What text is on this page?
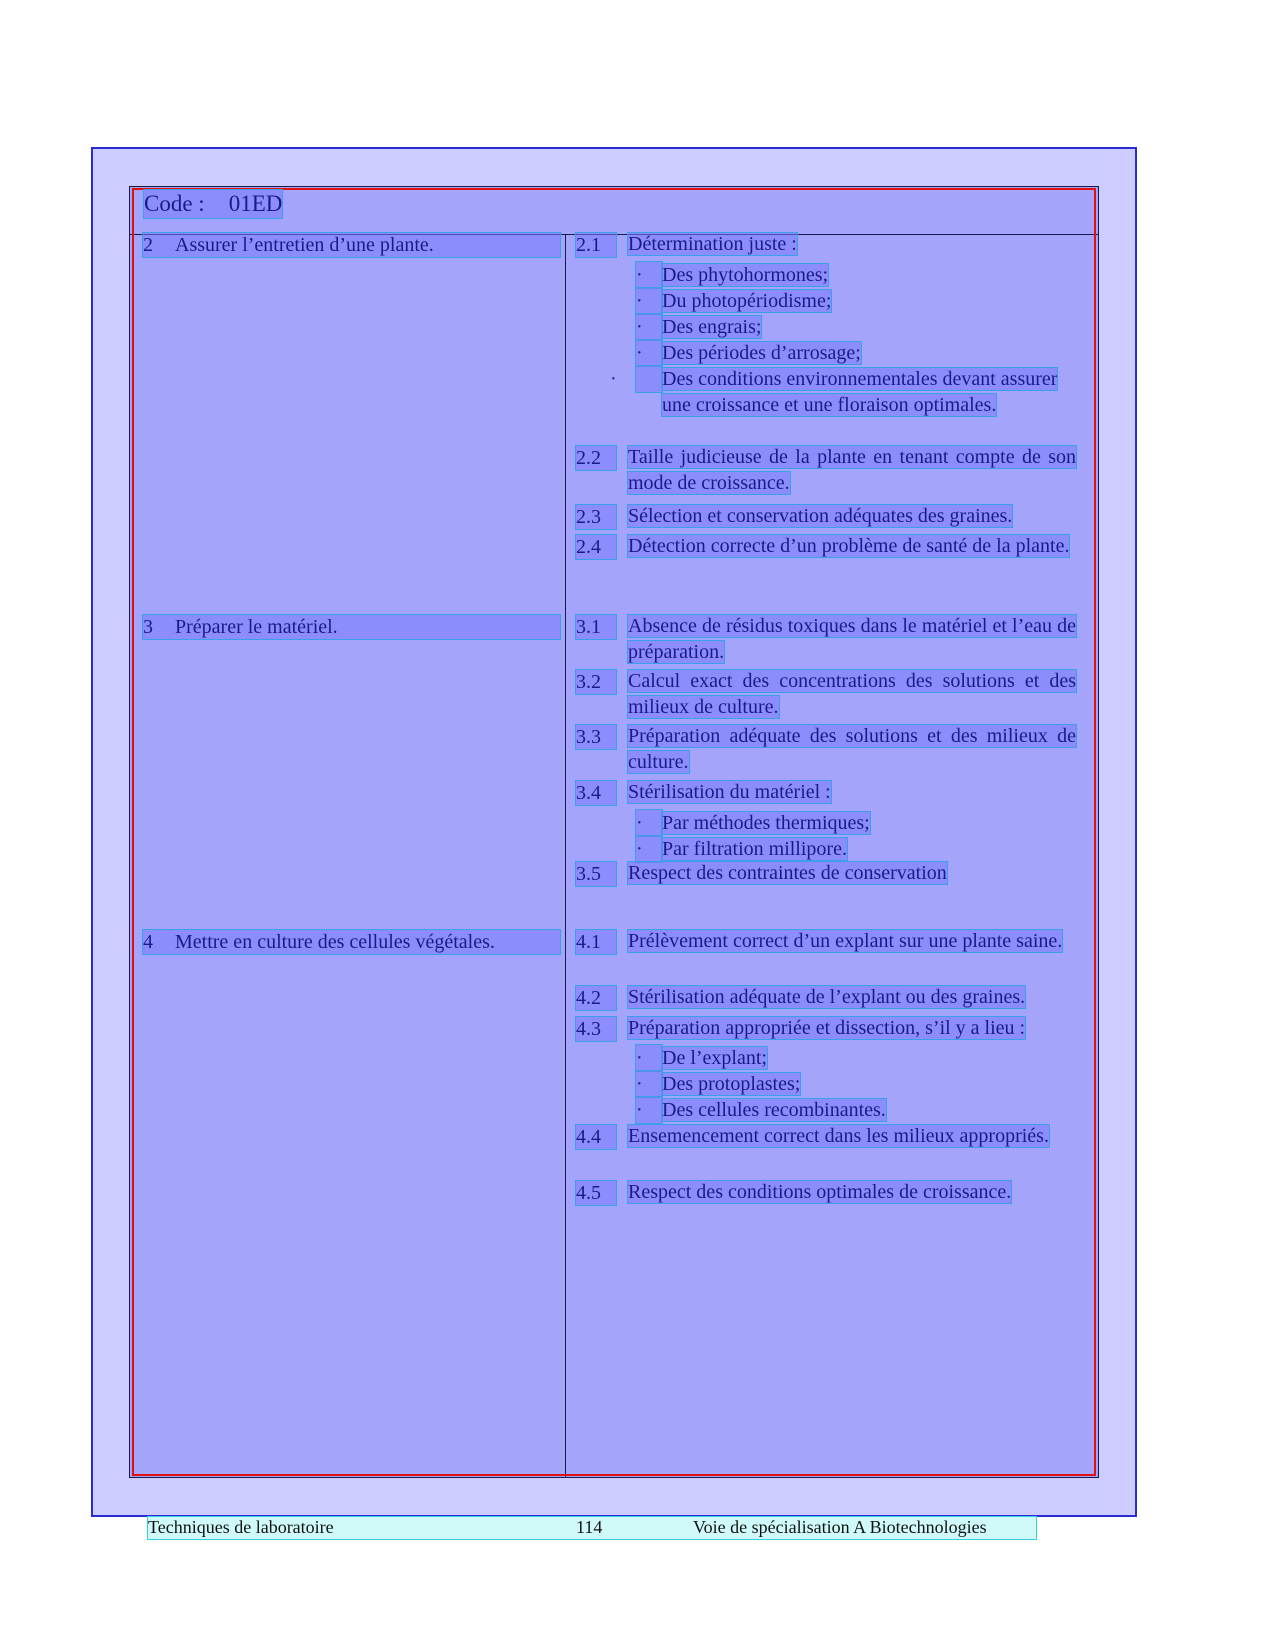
Code : 01ED
2 Assurer l’entretien d’une plante.	2.1	Détermination juste :
· Des phytohormones;
· Du photopériodisme;
· Des engrais;
· Des périodes d’arrosage;
· Des conditions environnementales devant assurer une croissance et une floraison optimales.
2.2	Taille judicieuse de la plante en tenant compte de son mode de croissance.
2.3	Sélection et conservation adéquates des graines.
2.4	Détection correcte d’un problème de santé de la plante.
3 Préparer le matériel.	3.1	Absence de résidus toxiques dans le matériel et l’eau de préparation.
3.2	Calcul exact des concentrations des solutions et des milieux de culture.
3.3	Préparation adéquate des solutions et des milieux de culture.
3.4	Stérilisation du matériel :
· Par méthodes thermiques;
· Par filtration millipore.
3.5	Respect des contraintes de conservation
4 Mettre en culture des cellules végétales.	4.1	Prélèvement correct d’un explant sur une plante saine.
4.2	Stérilisation adéquate de l’explant ou des graines.
4.3	Préparation appropriée et dissection, s’il y a lieu :
· De l’explant;
· Des protoplastes;
· Des cellules recombinantes.
4.4	Ensemencement correct dans les milieux appropriés.
4.5	Respect des conditions optimales de croissance.
Techniques de laboratoire	114	Voie de spécialisation A Biotechnologies
